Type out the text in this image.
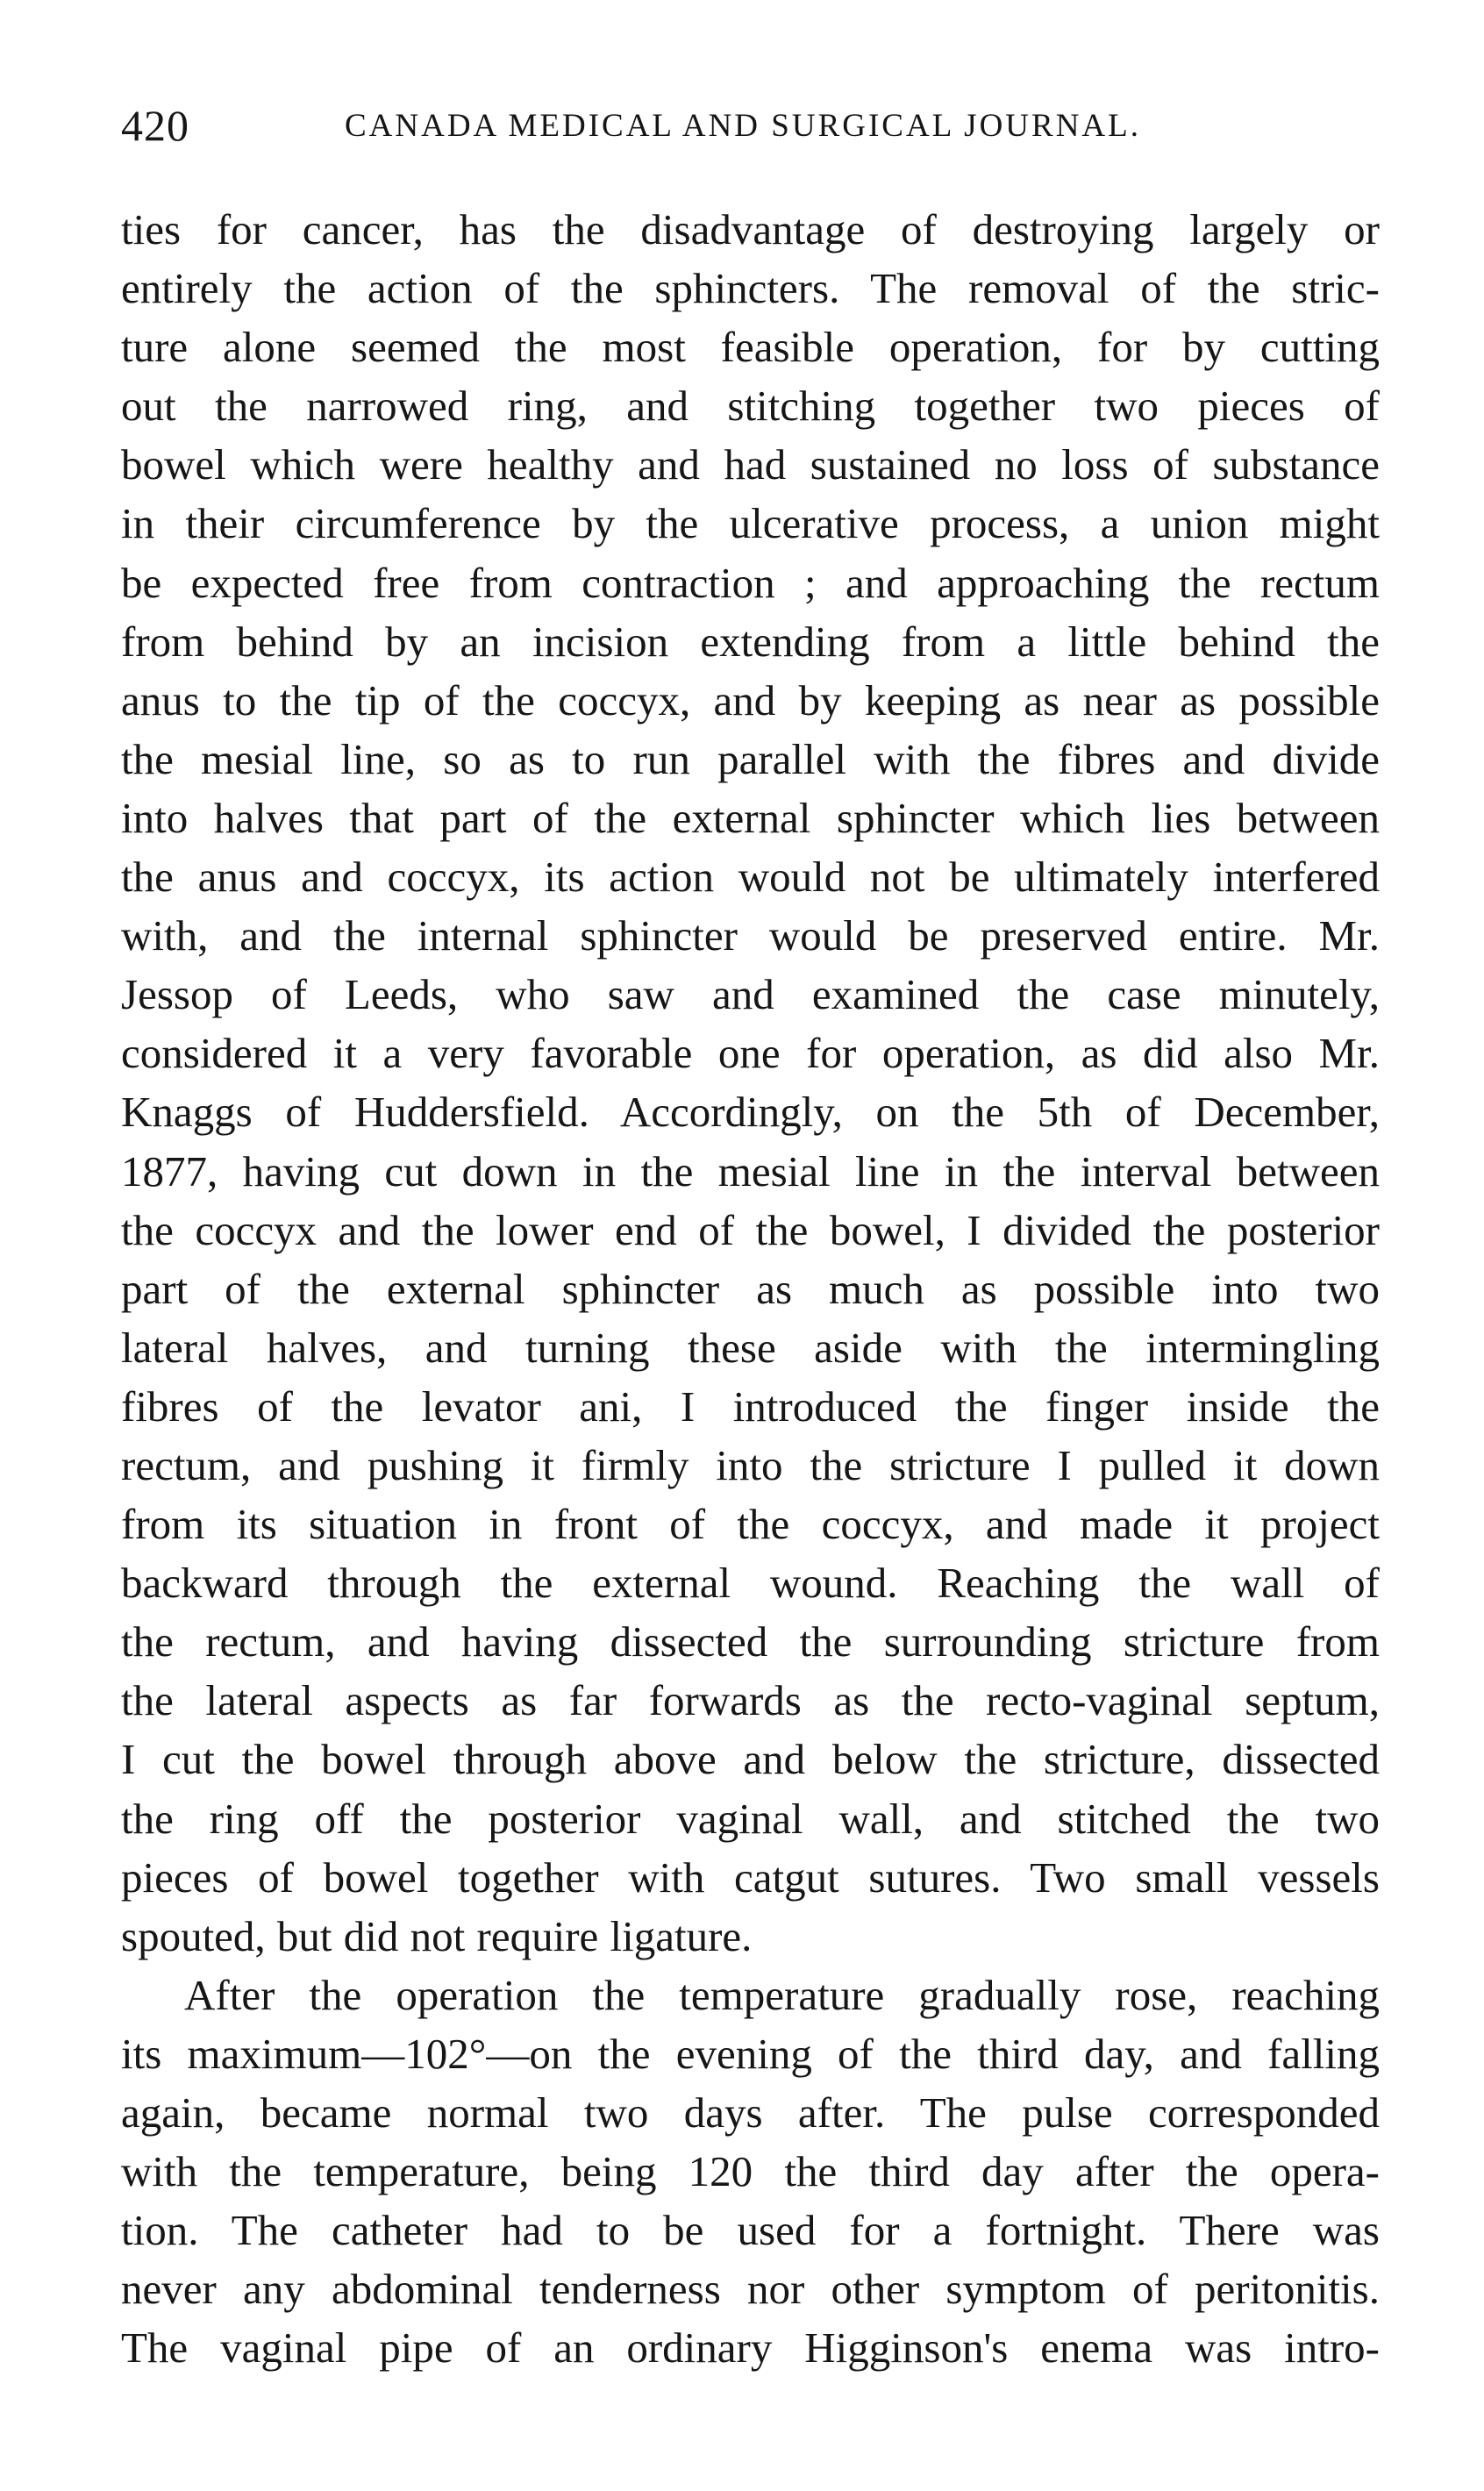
420	CANADA MEDICAL AND SURGICAL JOURNAL.
ties for cancer, has the disadvantage of destroying largely or
entirely the action of the sphincters. The removal of the stric-
ture alone seemed the most feasible operation, for by cutting
out the narrowed ring, and stitching together two pieces of
bowel which were healthy and had sustained no loss of substance
in their circumference by the ulcerative process, a union might
be expected free from contraction ; and approaching the rectum
from behind by an incision extending from a little behind the
anus to the tip of the coccyx, and by keeping as near as possible
the mesial line, so as to run parallel with the fibres and divide
into halves that part of the external sphincter which lies between
the anus and coccyx, its action would not be ultimately interfered
with, and the internal sphincter would be preserved entire. Mr.
Jessop of Leeds, who saw and examined the case minutely,
considered it a very favorable one for operation, as did also Mr.
Knaggs of Huddersfield. Accordingly, on the 5th of December,
1877, having cut down in the mesial line in the interval between
the coccyx and the lower end of the bowel, I divided the posterior
part of the external sphincter as much as possible into two
lateral halves, and turning these aside with the intermingling
fibres of the levator ani, I introduced the finger inside the
rectum, and pushing it firmly into the stricture I pulled it down
from its situation in front of the coccyx, and made it project
backward through the external wound. Reaching the wall of
the rectum, and having dissected the surrounding stricture from
the lateral aspects as far forwards as the recto-vaginal septum,
I cut the bowel through above and below the stricture, dissected
the ring off the posterior vaginal wall, and stitched the two
pieces of bowel together with catgut sutures. Two small vessels
spouted, but did not require ligature.
After the operation the temperature gradually rose, reaching
its maximum—102°—on the evening of the third day, and falling
again, became normal two days after. The pulse corresponded
with the temperature, being 120 the third day after the opera-
tion. The catheter had to be used for a fortnight. There was
never any abdominal tenderness nor other symptom of peritonitis.
The vaginal pipe of an ordinary Higginson's enema was intro-
